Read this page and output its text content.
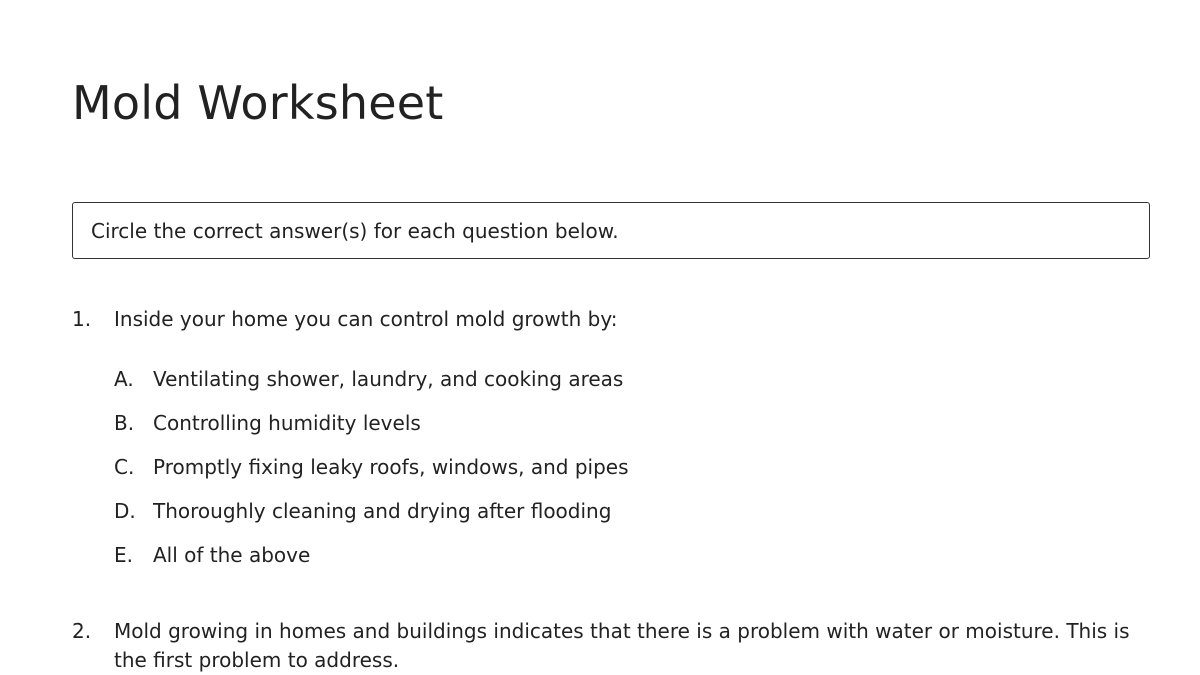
Mold Worksheet
Circle the correct answer(s) for each question below.
1.	Inside your home you can control mold growth by:
A. Ventilating shower, laundry, and cooking areas
B. Controlling humidity levels
C. Promptly fixing leaky roofs, windows, and pipes
D. Thoroughly cleaning and drying after flooding
E.	All of the above
2.	Mold growing in homes and buildings indicates that there is a problem with water or moisture. This is the first problem to address.
